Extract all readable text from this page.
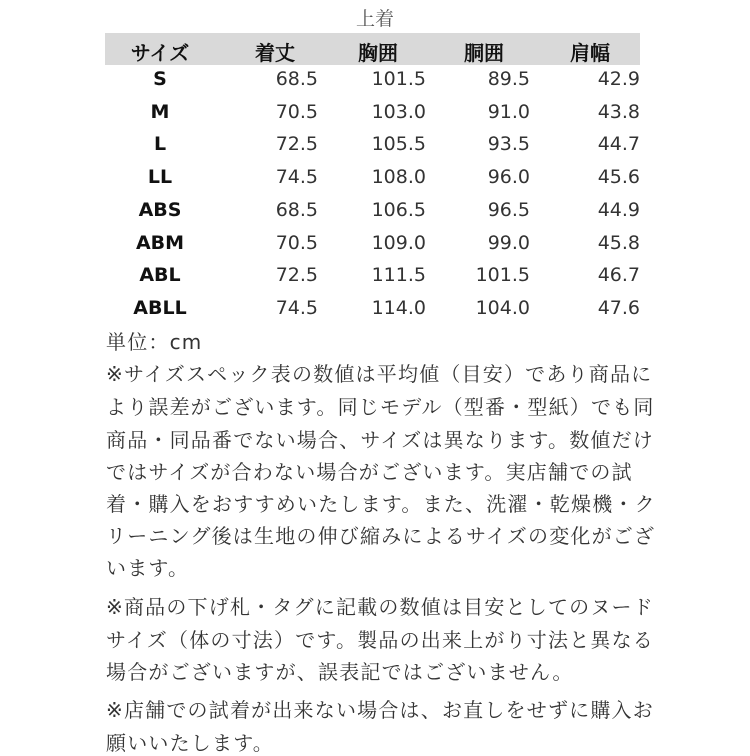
上着
サイズ	着丈	胸囲	胴囲	肩幅
S	68.5	101.5	89.5	42.9
M	70.5	103.0	91.0	43.8
L	72.5	105.5	93.5	44.7
LL	74.5	108.0	96.0	45.6
ABS	68.5	106.5	96.5	44.9
ABM	70.5	109.0	99.0	45.8
ABL	72.5	111.5	101.5	46.7
ABLL	74.5	114.0	104.0	47.6
単位：cm
※サイズスペック表の数値は平均値（目安）であり商品に
より誤差がございます。同じモデル（型番・型紙）でも同
商品・同品番でない場合、サイズは異なります。数値だけ
ではサイズが合わない場合がございます。実店舗での試
着・購入をおすすめいたします。また、洗濯・乾燥機・ク
リーニング後は生地の伸び縮みによるサイズの変化がござ
います。
※商品の下げ札・タグに記載の数値は目安としてのヌード
サイズ（体の寸法）です。製品の出来上がり寸法と異なる
場合がございますが、誤表記ではございません。
※店舗での試着が出来ない場合は、お直しをせずに購入お
願いいたします。
